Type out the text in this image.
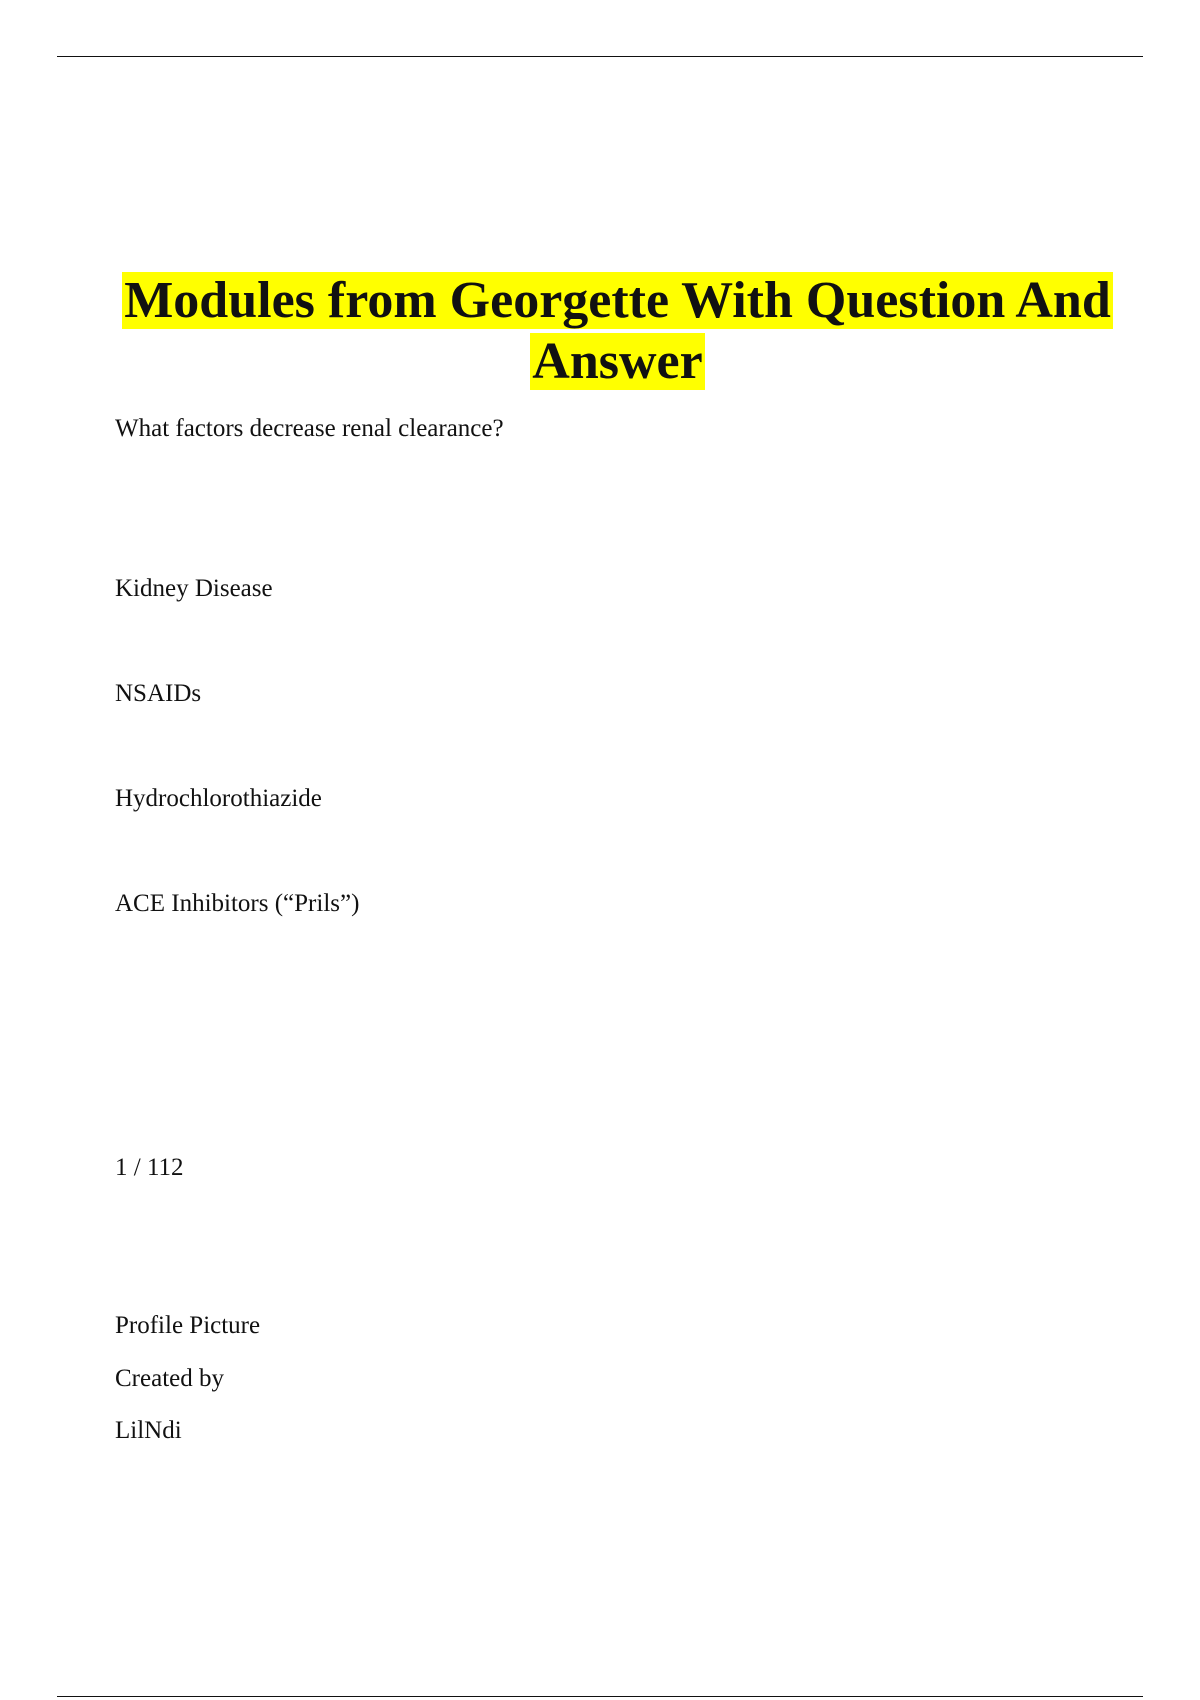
Modules from Georgette With Question And
Answer
What factors decrease renal clearance?
Kidney Disease
NSAIDs
Hydrochlorothiazide
ACE Inhibitors (“Prils”)
1 / 112
Profile Picture
Created by
LilNdi
